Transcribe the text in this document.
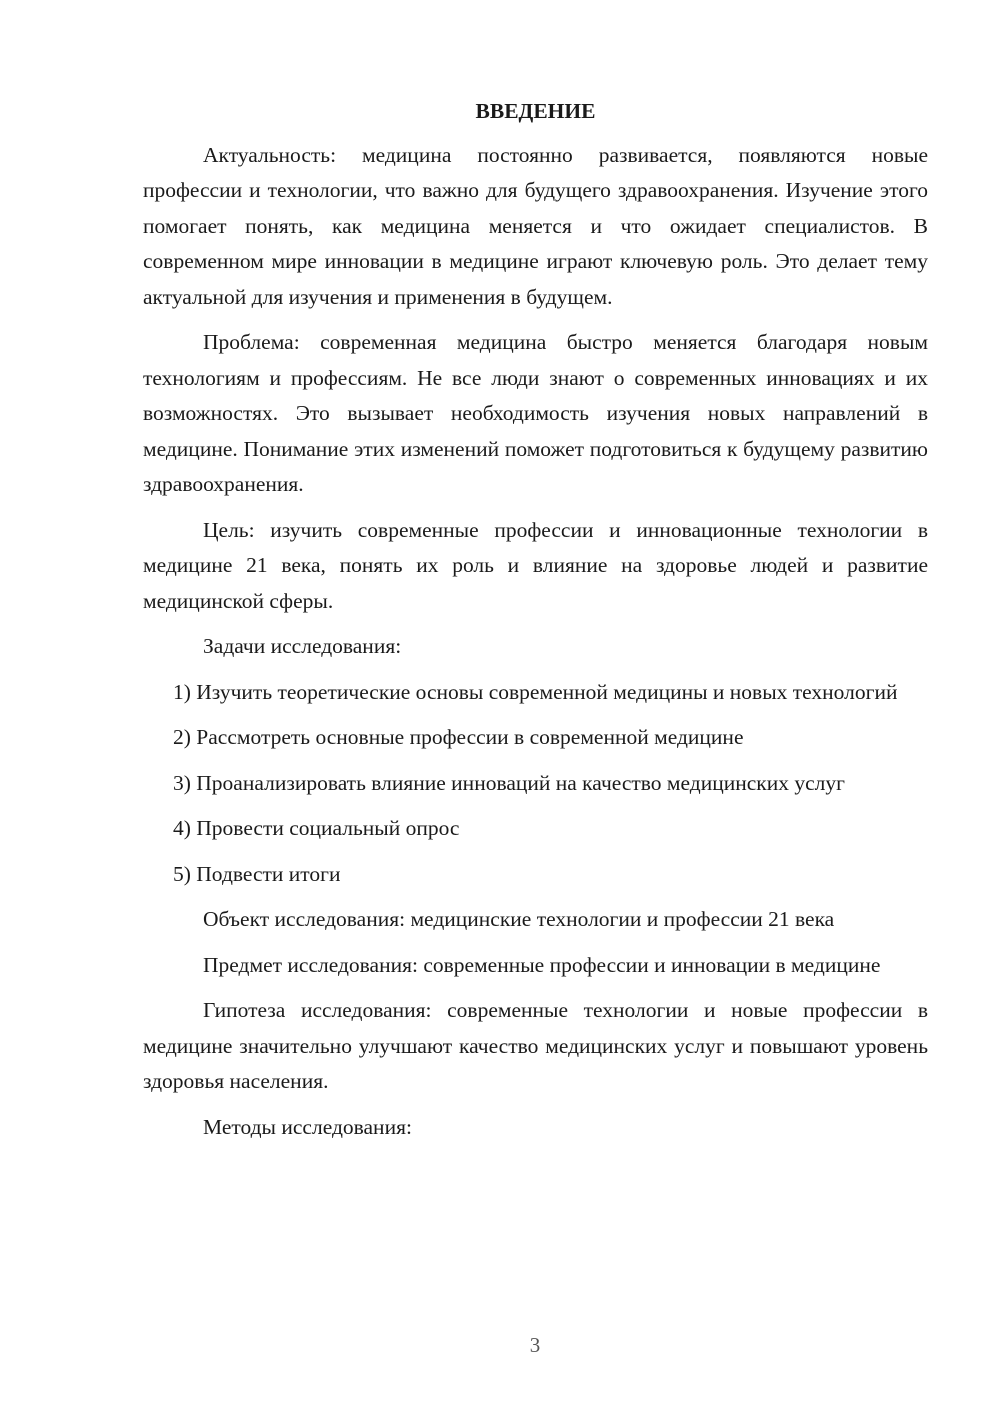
ВВЕДЕНИЕ

Актуальность: медицина постоянно развивается, появляются новые профессии и технологии, что важно для будущего здравоохранения. Изучение этого помогает понять, как медицина меняется и что ожидает специалистов. В современном мире инновации в медицине играют ключевую роль. Это делает тему актуальной для изучения и применения в будущем.

Проблема: современная медицина быстро меняется благодаря новым технологиям и профессиям. Не все люди знают о современных инновациях и их возможностях. Это вызывает необходимость изучения новых направлений в медицине. Понимание этих изменений поможет подготовиться к будущему развитию здравоохранения.

Цель: изучить современные профессии и инновационные технологии в медицине 21 века, понять их роль и влияние на здоровье людей и развитие медицинской сферы.

Задачи исследования:

1) Изучить теоретические основы современной медицины и новых технологий

2) Рассмотреть основные профессии в современной медицине

3) Проанализировать влияние инноваций на качество медицинских услуг

4) Провести социальный опрос

5) Подвести итоги

Объект исследования: медицинские технологии и профессии 21 века

Предмет исследования: современные профессии и инновации в медицине

Гипотеза исследования: современные технологии и новые профессии в медицине значительно улучшают качество медицинских услуг и повышают уровень здоровья населения.

Методы исследования:

3
